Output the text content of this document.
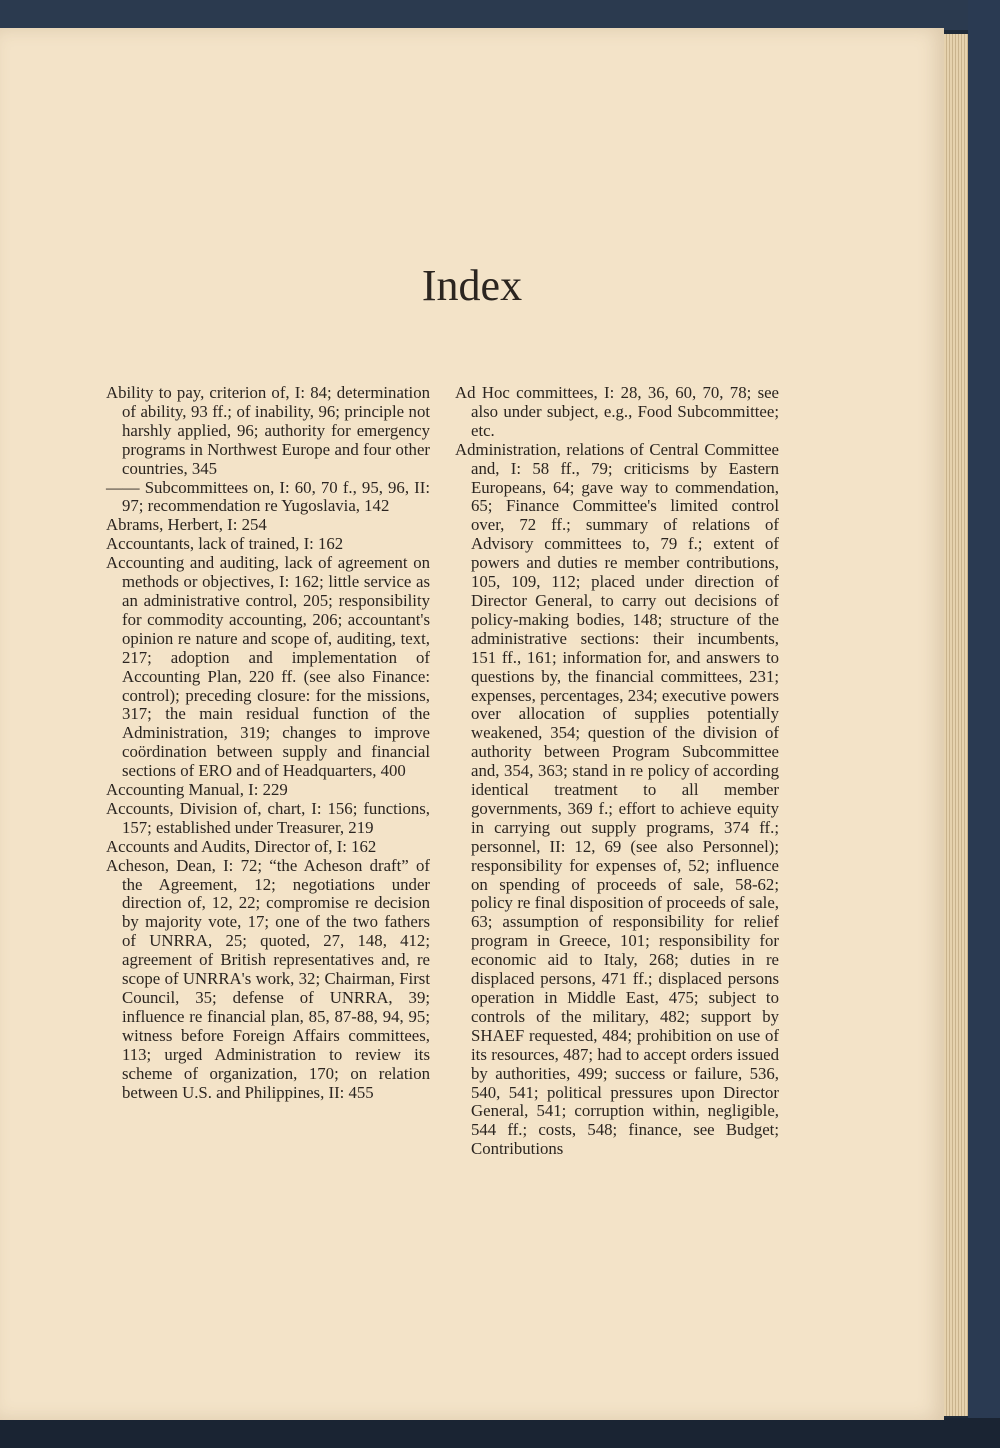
Index

Ability to pay, criterion of, I: 84; determination of ability, 93 ff.; of inability, 96; principle not harshly applied, 96; authority for emergency programs in Northwest Europe and four other countries, 345

—— Subcommittees on, I: 60, 70 f., 95, 96, II: 97; recommendation re Yugoslavia, 142

Abrams, Herbert, I: 254

Accountants, lack of trained, I: 162

Accounting and auditing, lack of agreement on methods or objectives, I: 162; little service as an administrative control, 205; responsibility for commodity accounting, 206; accountant's opinion re nature and scope of, auditing, text, 217; adoption and implementation of Accounting Plan, 220 ff. (see also Finance: control); preceding closure: for the missions, 317; the main residual function of the Administration, 319; changes to improve coördination between supply and financial sections of ERO and of Headquarters, 400

Accounting Manual, I: 229

Accounts, Division of, chart, I: 156; functions, 157; established under Treasurer, 219

Accounts and Audits, Director of, I: 162

Acheson, Dean, I: 72; “the Acheson draft” of the Agreement, 12; negotiations under direction of, 12, 22; compromise re decision by majority vote, 17; one of the two fathers of UNRRA, 25; quoted, 27, 148, 412; agreement of British representatives and, re scope of UNRRA's work, 32; Chairman, First Council, 35; defense of UNRRA, 39; influence re financial plan, 85, 87-88, 94, 95; witness before Foreign Affairs committees, 113; urged Administration to review its scheme of organization, 170; on relation between U.S. and Philippines, II: 455

Ad Hoc committees, I: 28, 36, 60, 70, 78; see also under subject, e.g., Food Subcommittee; etc.

Administration, relations of Central Committee and, I: 58 ff., 79; criticisms by Eastern Europeans, 64; gave way to commendation, 65; Finance Committee's limited control over, 72 ff.; summary of relations of Advisory committees to, 79 f.; extent of powers and duties re member contributions, 105, 109, 112; placed under direction of Director General, to carry out decisions of policy-making bodies, 148; structure of the administrative sections: their incumbents, 151 ff., 161; information for, and answers to questions by, the financial committees, 231; expenses, percentages, 234; executive powers over allocation of supplies potentially weakened, 354; question of the division of authority between Program Subcommittee and, 354, 363; stand in re policy of according identical treatment to all member governments, 369 f.; effort to achieve equity in carrying out supply programs, 374 ff.; personnel, II: 12, 69 (see also Personnel); responsibility for expenses of, 52; influence on spending of proceeds of sale, 58-62; policy re final disposition of proceeds of sale, 63; assumption of responsibility for relief program in Greece, 101; responsibility for economic aid to Italy, 268; duties in re displaced persons, 471 ff.; displaced persons operation in Middle East, 475; subject to controls of the military, 482; support by SHAEF requested, 484; prohibition on use of its resources, 487; had to accept orders issued by authorities, 499; success or failure, 536, 540, 541; political pressures upon Director General, 541; corruption within, negligible, 544 ff.; costs, 548; finance, see Budget; Contributions
